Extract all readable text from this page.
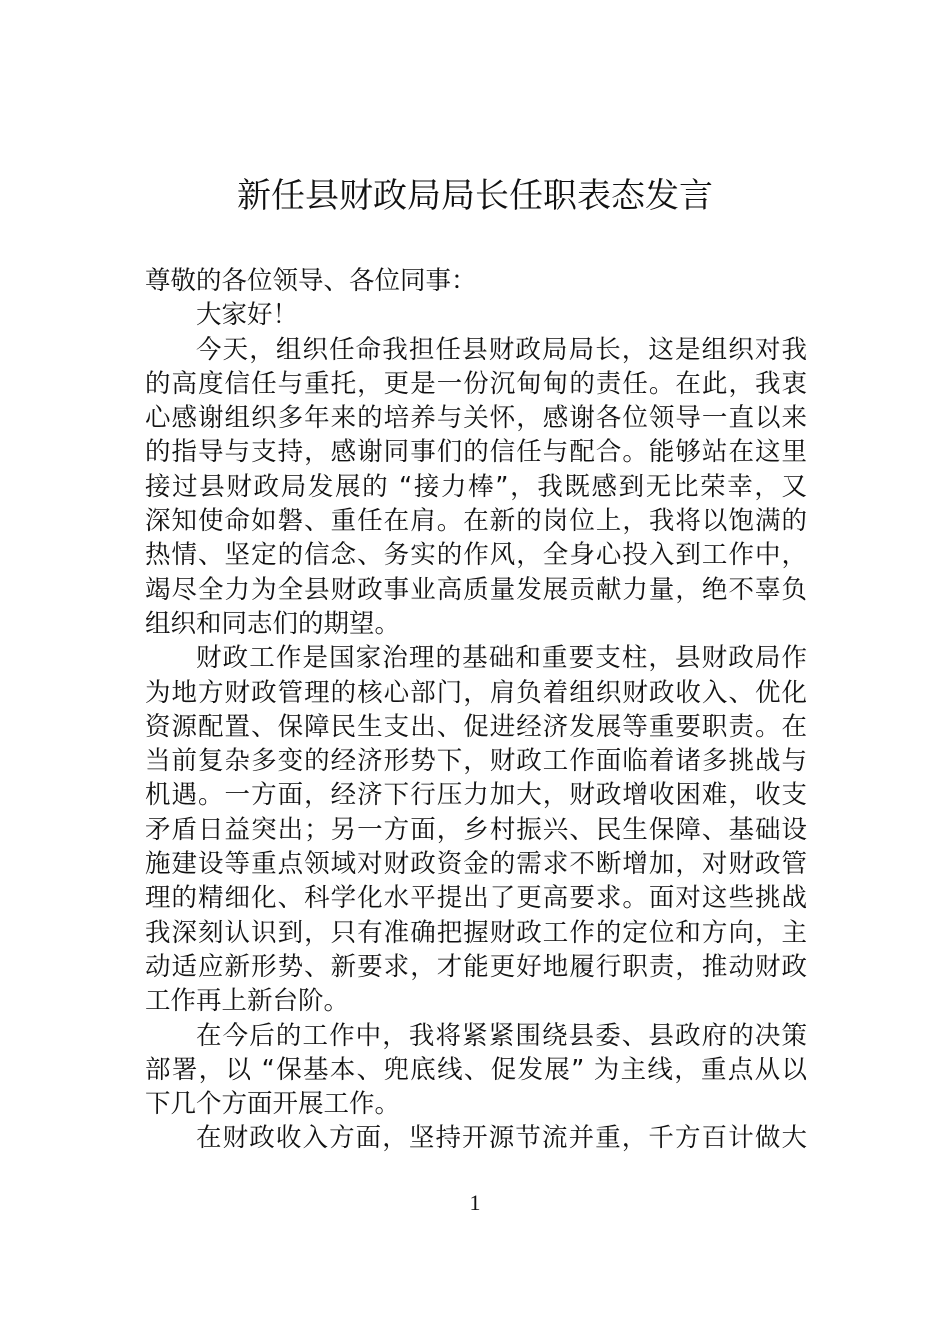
新任县财政局局长任职表态发言
尊敬的各位领导、各位同事：
大家好！
今天，组织任命我担任县财政局局长，这是组织对我
的高度信任与重托，更是一份沉甸甸的责任。在此，我衷
心感谢组织多年来的培养与关怀，感谢各位领导一直以来
的指导与支持，感谢同事们的信任与配合。能够站在这里
接过县财政局发展的 “接力棒”，我既感到无比荣幸，又
深知使命如磐、重任在肩。在新的岗位上，我将以饱满的
热情、坚定的信念、务实的作风，全身心投入到工作中，
竭尽全力为全县财政事业高质量发展贡献力量，绝不辜负
组织和同志们的期望。
财政工作是国家治理的基础和重要支柱，县财政局作
为地方财政管理的核心部门，肩负着组织财政收入、优化
资源配置、保障民生支出、促进经济发展等重要职责。在
当前复杂多变的经济形势下，财政工作面临着诸多挑战与
机遇。一方面，经济下行压力加大，财政增收困难，收支
矛盾日益突出；另一方面，乡村振兴、民生保障、基础设
施建设等重点领域对财政资金的需求不断增加，对财政管
理的精细化、科学化水平提出了更高要求。面对这些挑战
我深刻认识到，只有准确把握财政工作的定位和方向，主
动适应新形势、新要求，才能更好地履行职责，推动财政
工作再上新台阶。
在今后的工作中，我将紧紧围绕县委、县政府的决策
部署，以 “保基本、兜底线、促发展” 为主线，重点从以
下几个方面开展工作。
在财政收入方面，坚持开源节流并重，千方百计做大
1
